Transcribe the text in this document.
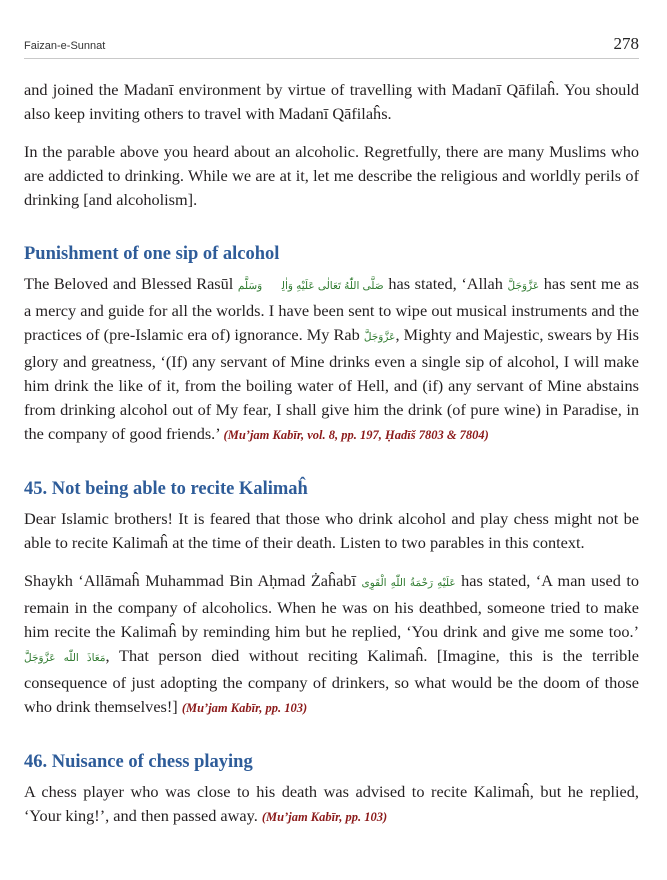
Faizan-e-Sunnat	278

and joined the Madanī environment by virtue of travelling with Madanī Qāfilaĥ. You should also keep inviting others to travel with Madanī Qāfilaĥs.

In the parable above you heard about an alcoholic. Regretfully, there are many Muslims who are addicted to drinking. While we are at it, let me describe the religious and worldly perils of drinking [and alcoholism].

Punishment of one sip of alcohol

The Beloved and Blessed Rasūl صَلَّى اللّٰهُ تَعَالٰى عَلَيْهِ وَاٰلِهٖ وَسَلَّم has stated, ‘Allah عَزَّوَجَلَّ has sent me as a mercy and guide for all the worlds. I have been sent to wipe out musical instruments and the practices of (pre-Islamic era of) ignorance. My Rab عَزَّوَجَلَّ, Mighty and Majestic, swears by His glory and greatness, ‘(If) any servant of Mine drinks even a single sip of alcohol, I will make him drink the like of it, from the boiling water of Hell, and (if) any servant of Mine abstains from drinking alcohol out of My fear, I shall give him the drink (of pure wine) in Paradise, in the company of good friends.’ (Mu’jam Kabīr, vol. 8, pp. 197, Ḥadīš 7803 & 7804)

45. Not being able to recite Kalimaĥ

Dear Islamic brothers! It is feared that those who drink alcohol and play chess might not be able to recite Kalimaĥ at the time of their death. Listen to two parables in this context.

Shaykh ‘Allāmaĥ Muhammad Bin Aḥmad Żaĥabī عَلَيْهِ رَحْمَةُ اللّٰهِ الْقَوِى has stated, ‘A man used to remain in the company of alcoholics. When he was on his deathbed, someone tried to make him recite the Kalimaĥ by reminding him but he replied, ‘You drink and give me some too.’ مَعَاذَ اللّٰه عَزَّوَجَلَّ, That person died without reciting Kalimaĥ. [Imagine, this is the terrible consequence of just adopting the company of drinkers, so what would be the doom of those who drink themselves!] (Mu’jam Kabīr, pp. 103)

46. Nuisance of chess playing

A chess player who was close to his death was advised to recite Kalimaĥ, but he replied, ‘Your king!’, and then passed away. (Mu’jam Kabīr, pp. 103)
